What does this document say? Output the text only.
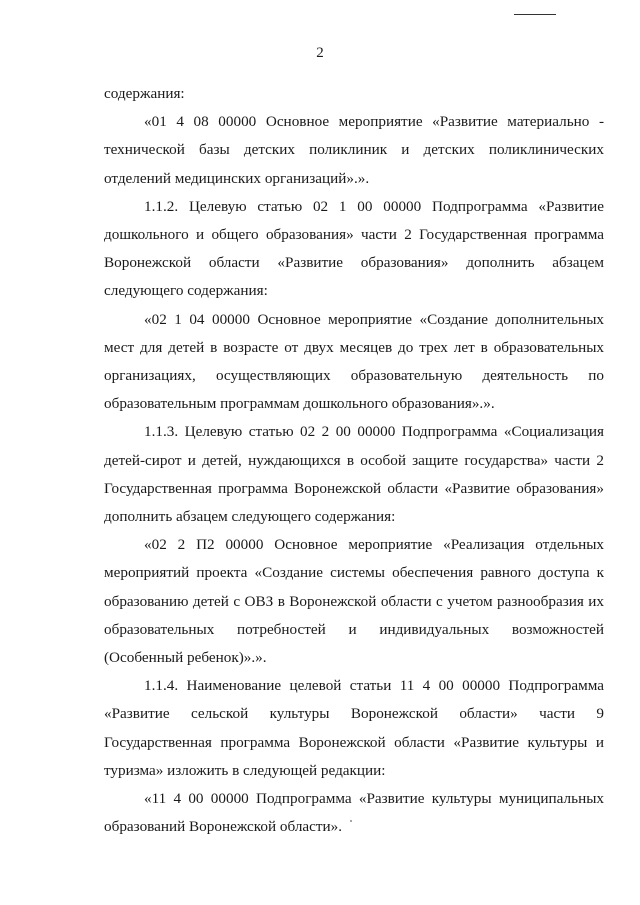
2

содержания:

«01 4 08 00000 Основное мероприятие «Развитие материально - технической базы детских поликлиник и детских поликлинических отделений медицинских организаций».».

1.1.2. Целевую статью 02 1 00 00000 Подпрограмма «Развитие дошкольного и общего образования» части 2 Государственная программа Воронежской области «Развитие образования» дополнить абзацем следующего содержания:

«02 1 04 00000 Основное мероприятие «Создание дополнительных мест для детей в возрасте от двух месяцев до трех лет в образовательных организациях, осуществляющих образовательную деятельность по образовательным программам дошкольного образования».».

1.1.3. Целевую статью 02 2 00 00000 Подпрограмма «Социализация детей-сирот и детей, нуждающихся в особой защите государства» части 2 Государственная программа Воронежской области «Развитие образования» дополнить абзацем следующего содержания:

«02 2 П2 00000 Основное мероприятие «Реализация отдельных мероприятий проекта «Создание системы обеспечения равного доступа к образованию детей с ОВЗ в Воронежской области с учетом разнообразия их образовательных потребностей и индивидуальных возможностей (Особенный ребенок)».».

1.1.4. Наименование целевой статьи 11 4 00 00000 Подпрограмма «Развитие сельской культуры Воронежской области» части 9 Государственная программа Воронежской области «Развитие культуры и туризма» изложить в следующей редакции:

«11 4 00 00000 Подпрограмма «Развитие культуры муниципальных образований Воронежской области».
